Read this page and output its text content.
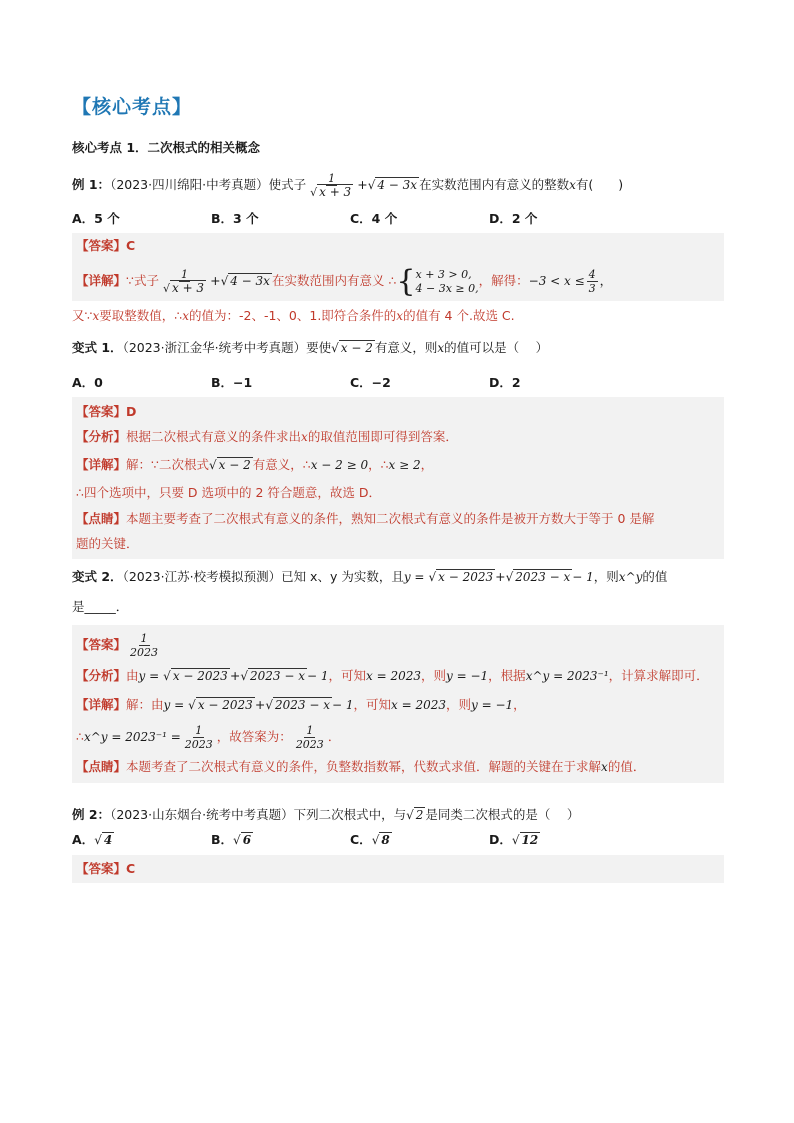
【核心考点】
核心考点 1．二次根式的相关概念
例 1：（2023·四川绵阳·中考真题）使式子 $\frac{1}{√ x + 3}$ +√ 4 − 3x 在实数范围内有意义的整数x有(　　)
A．5 个	B．3 个	C．4 个	D．2 个
【答案】C
【详解】∵式子 $\frac{1}{√ x + 3}$ +√ 4 − 3x 在实数范围内有意义 ∴ { x + 3 > 0,
4 − 3x ≥ 0, ，解得：$-3 < x \le \frac{4}{3}$ ，
又∵x要取整数值，∴x的值为：-2、-1、0、1.即符合条件的x的值有 4 个.故选 C.
变式 1．（2023·浙江金华·统考中考真题）要使√ x − 2 有意义，则x的值可以是（　 ）
A．0	B．−1	C．−2	D．2
【答案】D
【分析】根据二次根式有意义的条件求出x的取值范围即可得到答案．
【详解】解：∵二次根式√ x − 2 有意义，∴x − 2 ≥ 0，∴x ≥ 2，
∴四个选项中，只要 D 选项中的 2 符合题意，故选 D．
【点睛】本题主要考查了二次根式有意义的条件，熟知二次根式有意义的条件是被开方数大于等于 0 是解
题的关键．
变式 2．（2023·江苏·校考模拟预测）已知 x、y 为实数，且y = √ x − 2023 +√ 2023 − x − 1，则x^y的值
是_____．
【答案】 $\frac{1}{2023}$
【分析】由y = √ x − 2023 +√ 2023 − x − 1，可知x = 2023，则y = −1，根据x^y = 2023⁻¹，计算求解即可．
【详解】解：由y = √ x − 2023 +√ 2023 − x − 1，可知x = 2023，则y = −1，
∴x^y = $2023^{-1} = \frac{1}{2023}$ ，故答案为： $\frac{1}{2023}$ ．
【点睛】本题考查了二次根式有意义的条件，负整数指数幂，代数式求值．解题的关键在于求解x的值．
例 2：（2023·山东烟台·统考中考真题）下列二次根式中，与√ 2 是同类二次根式的是（　 ）
A．√ 4	B．√ 6	C．√ 8	D．√ 12
【答案】C
